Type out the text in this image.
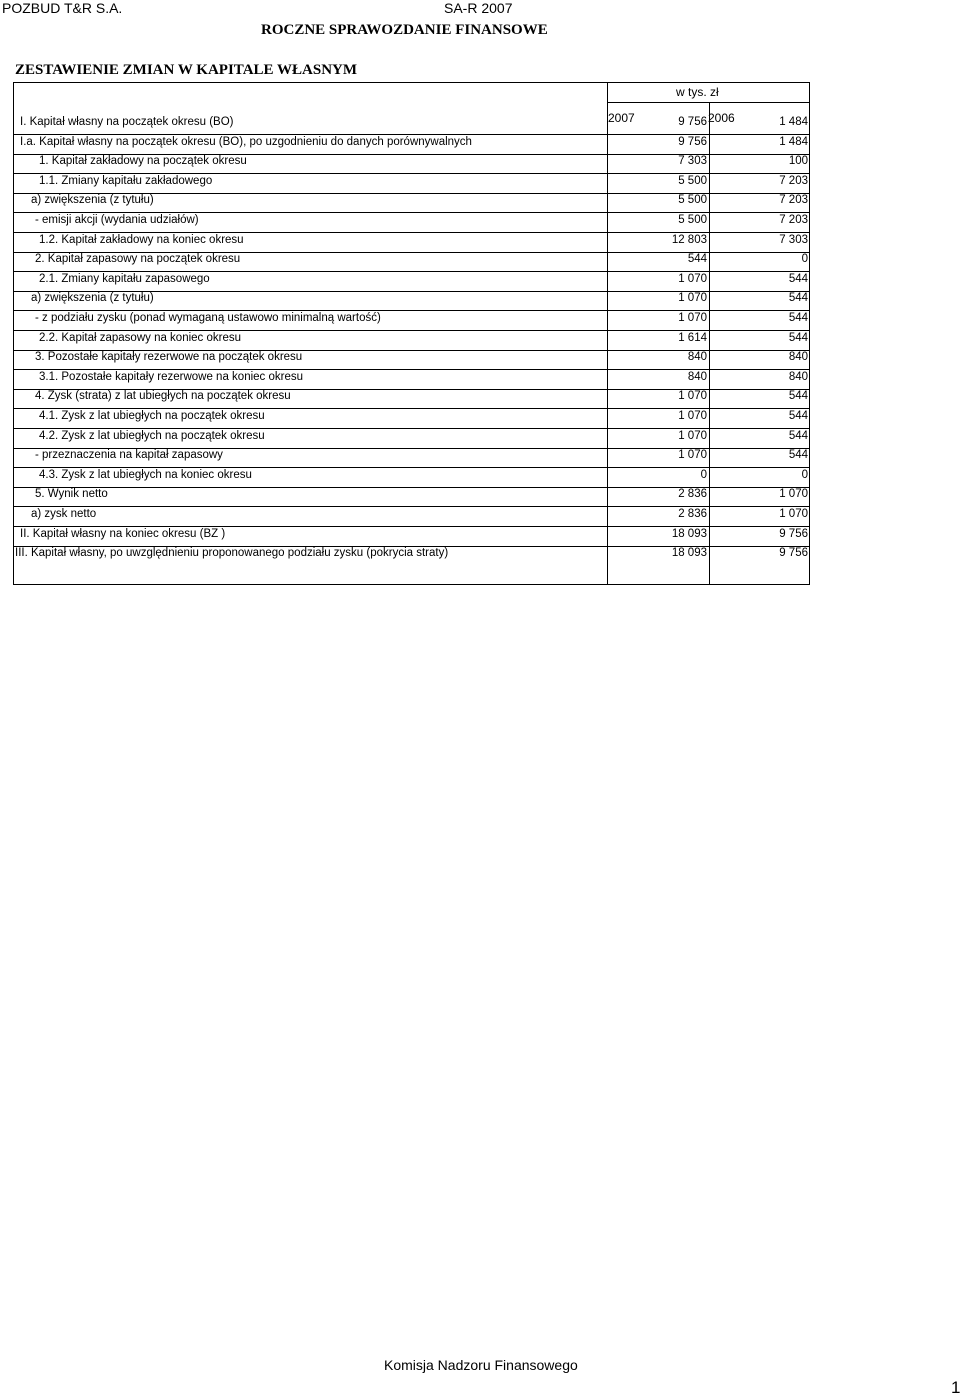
POZBUD T&R S.A.	SA-R 2007
ROCZNE SPRAWOZDANIE FINANSOWE
ZESTAWIENIE ZMIAN W KAPITALE WŁASNYM
w tys. zł
2007	2006
I. Kapitał własny na początek okresu (BO)	9 756	1 484
I.a. Kapitał własny na początek okresu (BO), po uzgodnieniu do danych porównywalnych	9 756	1 484
1. Kapitał zakładowy na początek okresu	7 303	100
1.1. Zmiany kapitału zakładowego	5 500	7 203
a) zwiększenia (z tytułu)	5 500	7 203
- emisji akcji (wydania udziałów)	5 500	7 203
1.2. Kapitał zakładowy na koniec okresu	12 803	7 303
2. Kapitał zapasowy na początek okresu	544	0
2.1. Zmiany kapitału zapasowego	1 070	544
a) zwiększenia (z tytułu)	1 070	544
- z podziału zysku (ponad wymaganą ustawowo minimalną wartość)	1 070	544
2.2. Kapitał zapasowy na koniec okresu	1 614	544
3. Pozostałe kapitały rezerwowe na początek okresu	840	840
3.1. Pozostałe kapitały rezerwowe na koniec okresu	840	840
4. Zysk (strata) z lat ubiegłych na początek okresu	1 070	544
4.1. Zysk z lat ubiegłych na początek okresu	1 070	544
4.2. Zysk z lat ubiegłych na początek okresu	1 070	544
- przeznaczenia na kapitał zapasowy	1 070	544
4.3. Zysk z lat ubiegłych na koniec okresu	0	0
5. Wynik netto	2 836	1 070
a) zysk netto	2 836	1 070
II. Kapitał własny na koniec okresu (BZ )	18 093	9 756
III. Kapitał własny, po uwzględnieniu proponowanego podziału zysku (pokrycia straty)	18 093	9 756
Komisja Nadzoru Finansowego
1
